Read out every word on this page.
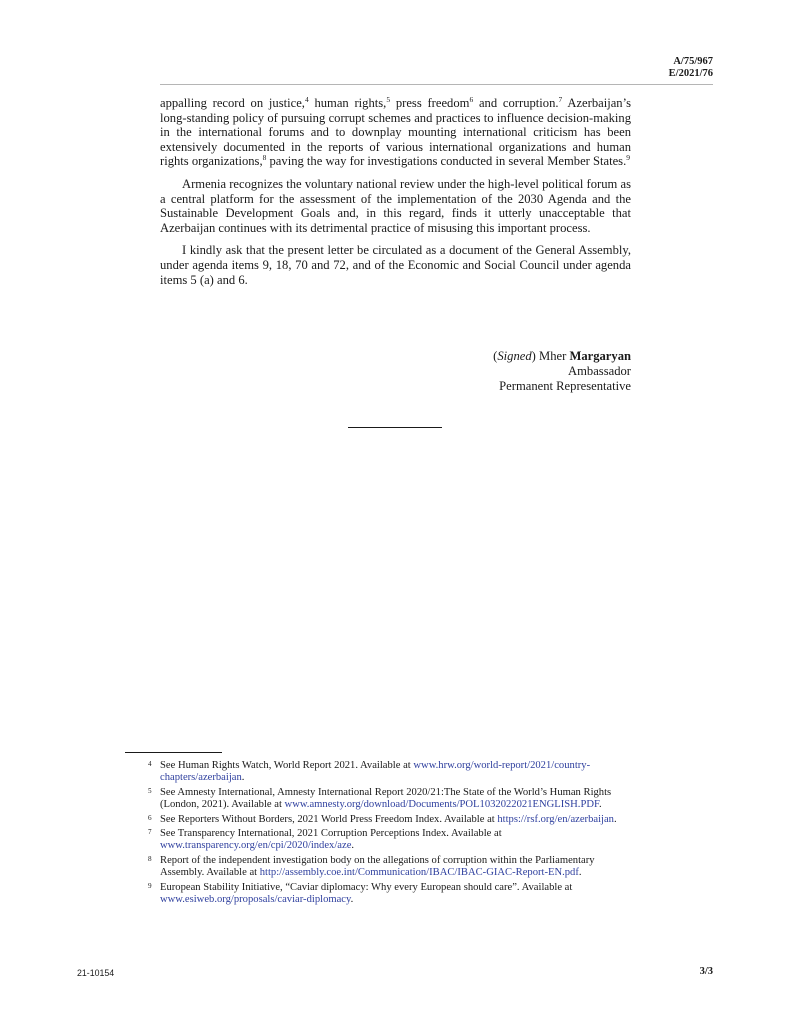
A/75/967
E/2021/76

appalling record on justice,$^4$ human rights,$^5$ press freedom$^6$ and corruption.$^7$ Azerbaijan’s long-standing policy of pursuing corrupt schemes and practices to influence decision-making in the international forums and to downplay mounting international criticism has been extensively documented in the reports of various international organizations and human rights organizations,$^8$ paving the way for investigations conducted in several Member States.$^9$

Armenia recognizes the voluntary national review under the high-level political forum as a central platform for the assessment of the implementation of the 2030 Agenda and the Sustainable Development Goals and, in this regard, finds it utterly unacceptable that Azerbaijan continues with its detrimental practice of misusing this important process.

I kindly ask that the present letter be circulated as a document of the General Assembly, under agenda items 9, 18, 70 and 72, and of the Economic and Social Council under agenda items 5 (a) and 6.

(Signed) Mher Margaryan
Ambassador
Permanent Representative
4 See Human Rights Watch, World Report 2021. Available at www.hrw.org/world-report/2021/country-chapters/azerbaijan.
5 See Amnesty International, Amnesty International Report 2020/21:The State of the World’s Human Rights (London, 2021). Available at www.amnesty.org/download/Documents/POL1032022021ENGLISH.PDF.
6 See Reporters Without Borders, 2021 World Press Freedom Index. Available at https://rsf.org/en/azerbaijan.
7 See Transparency International, 2021 Corruption Perceptions Index. Available at www.transparency.org/en/cpi/2020/index/aze.
8 Report of the independent investigation body on the allegations of corruption within the Parliamentary Assembly. Available at http://assembly.coe.int/Communication/IBAC/IBAC-GIAC-Report-EN.pdf.
9 European Stability Initiative, “Caviar diplomacy: Why every European should care”. Available at www.esiweb.org/proposals/caviar-diplomacy.
21-10154	3/3
